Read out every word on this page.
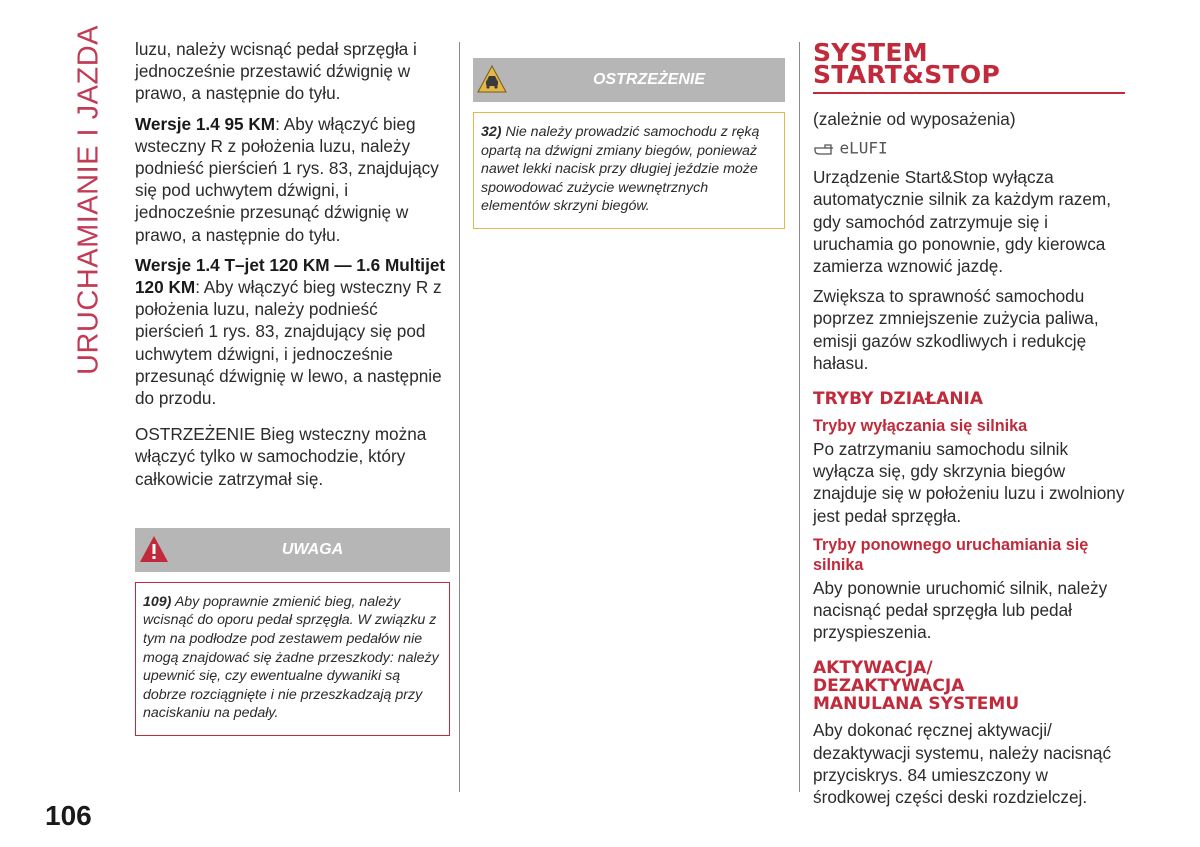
URUCHAMIANIE I JAZDA
106

luzu, należy wcisnąć pedał sprzęgła i jednocześnie przestawić dźwignię w prawo, a następnie do tyłu.

Wersje 1.4 95 KM: Aby włączyć bieg wsteczny R z położenia luzu, należy podnieść pierścień 1 rys. 83, znajdujący się pod uchwytem dźwigni, i jednocześnie przesunąć dźwignię w prawo, a następnie do tyłu.

Wersje 1.4 T–jet 120 KM — 1.6 Multijet 120 KM: Aby włączyć bieg wsteczny R z położenia luzu, należy podnieść pierścień 1 rys. 83, znajdujący się pod uchwytem dźwigni, i jednocześnie przesunąć dźwignię w lewo, a następnie do przodu.

OSTRZEŻENIE Bieg wsteczny można włączyć tylko w samochodzie, który całkowicie zatrzymał się.

UWAGA
109) Aby poprawnie zmienić bieg, należy wcisnąć do oporu pedał sprzęgła. W związku z tym na podłodze pod zestawem pedałów nie mogą znajdować się żadne przeszkody: należy upewnić się, czy ewentualne dywaniki są dobrze rozciągnięte i nie przeszkadzają przy naciskaniu na pedały.
OSTRZEŻENIE
32) Nie należy prowadzić samochodu z ręką opartą na dźwigni zmiany biegów, ponieważ nawet lekki nacisk przy długiej jeździe może spowodować zużycie wewnętrznych elementów skrzyni biegów.
SYSTEM
START&STOP

(zależnie od wyposażenia)

eLUFI

Urządzenie Start&Stop wyłącza automatycznie silnik za każdym razem, gdy samochód zatrzymuje się i uruchamia go ponownie, gdy kierowca zamierza wznowić jazdę.

Zwiększa to sprawność samochodu poprzez zmniejszenie zużycia paliwa, emisji gazów szkodliwych i redukcję hałasu.

TRYBY DZIAŁANIA
Tryby wyłączania się silnika

Po zatrzymaniu samochodu silnik wyłącza się, gdy skrzynia biegów znajduje się w położeniu luzu i zwolniony jest pedał sprzęgła.

Tryby ponownego uruchamiania się silnika

Aby ponownie uruchomić silnik, należy nacisnąć pedał sprzęgła lub pedał przyspieszenia.

AKTYWACJA/
DEZAKTYWACJA
MANULANA SYSTEMU

Aby dokonać ręcznej aktywacji/ dezaktywacji systemu, należy nacisnąć przyciskrys. 84 umieszczony w środkowej części deski rozdzielczej.
